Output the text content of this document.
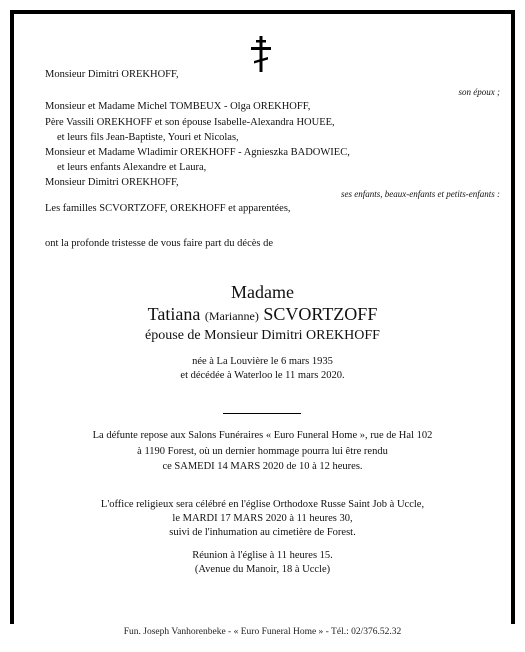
Monsieur Dimitri OREKHOFF,
son époux ;
Monsieur et Madame Michel TOMBEUX - Olga OREKHOFF,
Père Vassili OREKHOFF et son épouse Isabelle-Alexandra HOUEE,
et leurs fils Jean-Baptiste, Youri et Nicolas,
Monsieur et Madame Wladimir OREKHOFF - Agnieszka BADOWIEC,
et leurs enfants Alexandre et Laura,
Monsieur Dimitri OREKHOFF,
ses enfants, beaux-enfants et petits-enfants :
Les familles SCVORTZOFF, OREKHOFF et apparentées,
ont la profonde tristesse de vous faire part du décès de
Madame
Tatiana (Marianne) SCVORTZOFF
épouse de Monsieur Dimitri OREKHOFF
née à La Louvière le 6 mars 1935
et décédée à Waterloo le 11 mars 2020.
La défunte repose aux Salons Funéraires « Euro Funeral Home », rue de Hal 102
à 1190 Forest, où un dernier hommage pourra lui être rendu
ce SAMEDI 14 MARS 2020 de 10 à 12 heures.
L'office religieux sera célébré en l'église Orthodoxe Russe Saint Job à Uccle,
le MARDI 17 MARS 2020 à 11 heures 30,
suivi de l'inhumation au cimetière de Forest.
Réunion à l'église à 11 heures 15.
(Avenue du Manoir, 18 à Uccle)
Fun. Joseph Vanhorenbeke - « Euro Funeral Home » - Tél.: 02/376.52.32
